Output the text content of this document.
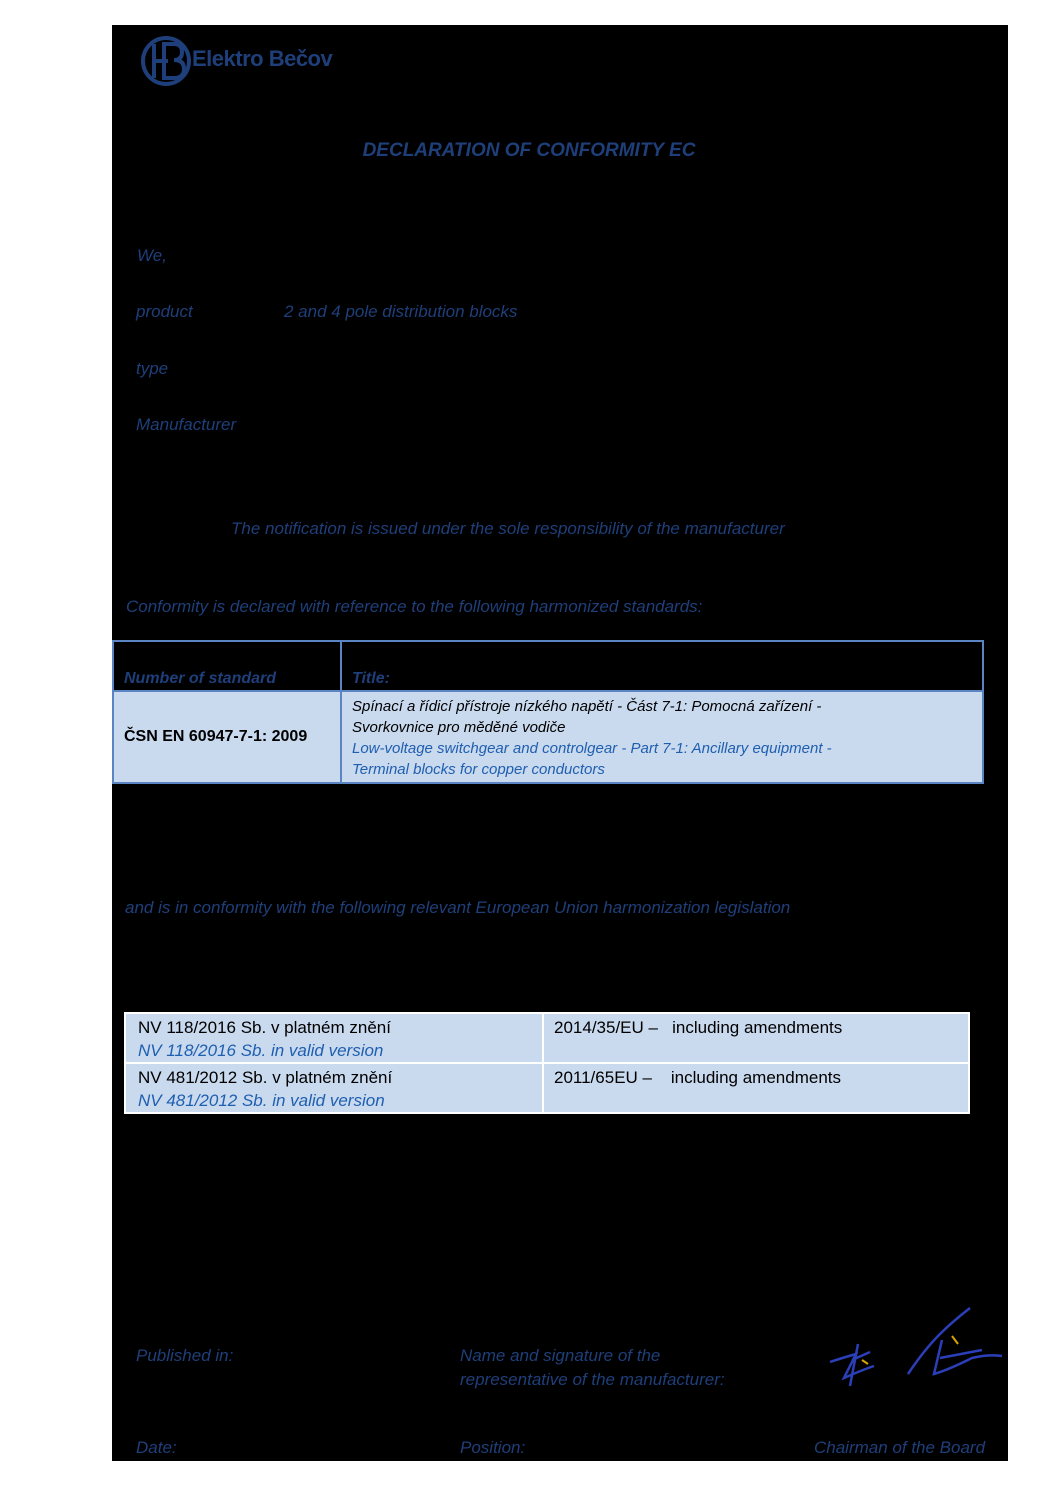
Elektro Bečov
DECLARATION OF CONFORMITY EC
We,
product	2 and 4 pole distribution blocks
type
Manufacturer
The notification is issued under the sole responsibility of the manufacturer
Conformity is declared with reference to the following harmonized standards:
Number of standard	Title:

ČSN EN 60947-7-1: 2009	Spínací a řídicí přístroje nízkého napětí - Část 7-1: Pomocná zařízení -
Svorkovnice pro měděné vodiče
Low-voltage switchgear and controlgear - Part 7-1: Ancillary equipment -
Terminal blocks for copper conductors
and is in conformity with the following relevant European Union harmonization legislation
NV 118/2016 Sb. v platném znění
NV 118/2016 Sb. in valid version	2014/35/EU – including amendments

NV 481/2012 Sb. v platném znění
NV 481/2012 Sb. in valid version	2011/65EU – including amendments
Published in:	Name and signature of the
representative of the manufacturer:
Date:	Position:	Chairman of the Board
